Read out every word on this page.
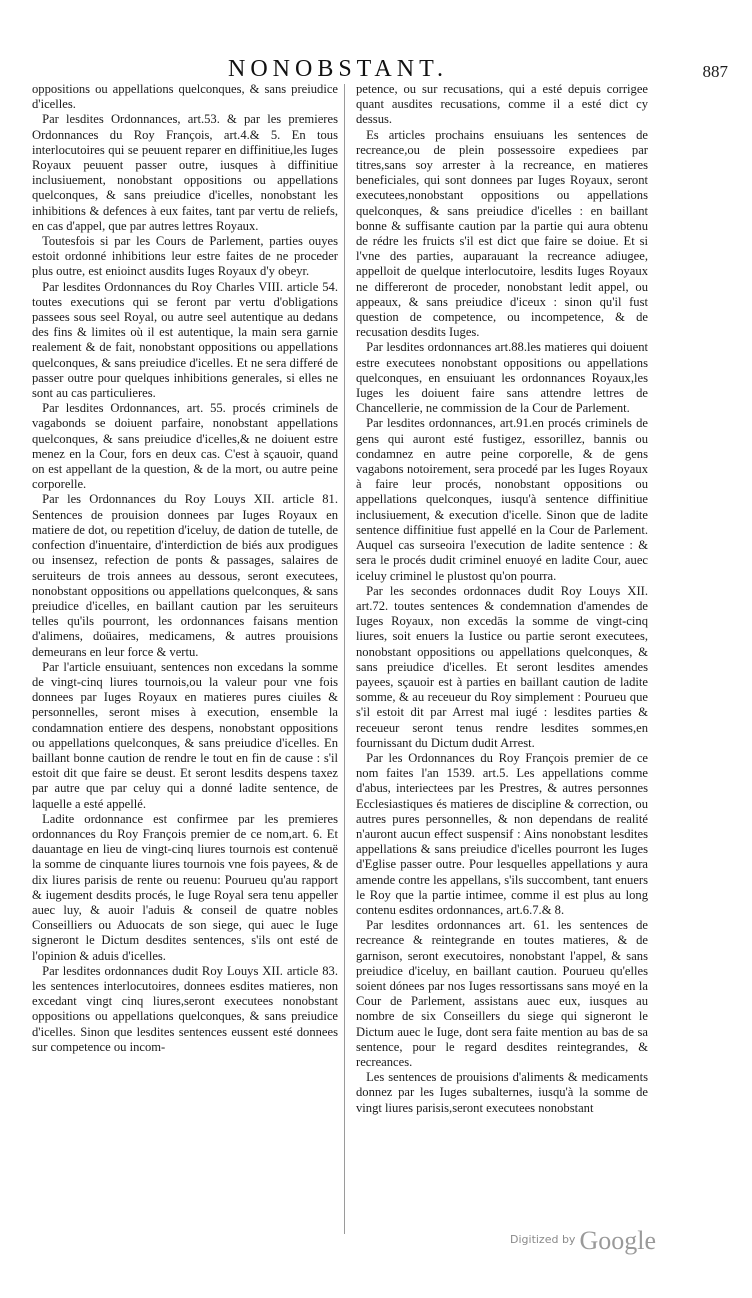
NONOBSTANT.	887

oppositions ou appellations quelconques, & sans preiudice d'icelles.

Par lesdites Ordonnances, art.53. & par les premieres Ordonnances du Roy François, art.4.& 5. En tous interlocutoires qui se peuuent reparer en diffinitiue,les Iuges Royaux peuuent passer outre, iusques à diffinitiue inclusiuement, nonobstant oppositions ou appellations quelconques, & sans preiudice d'icelles, nonobstant les inhibitions & defences à eux faites, tant par vertu de reliefs, en cas d'appel, que par autres lettres Royaux.

Toutesfois si par les Cours de Parlement, parties ouyes estoit ordonné inhibitions leur estre faites de ne proceder plus outre, est enioinct ausdits Iuges Royaux d'y obeyr.

Par lesdites Ordonnances du Roy Charles VIII. article 54. toutes executions qui se feront par vertu d'obligations passees sous seel Royal, ou autre seel autentique au dedans des fins & limites où il est autentique, la main sera garnie realement & de fait, nonobstant oppositions ou appellations quelconques, & sans preiudice d'icelles. Et ne sera differé de passer outre pour quelques inhibitions generales, si elles ne sont au cas particulieres.

Par lesdites Ordonnances, art. 55. procés criminels de vagabonds se doiuent parfaire, nonobstant appellations quelconques, & sans preiudice d'icelles,& ne doiuent estre menez en la Cour, fors en deux cas. C'est à sçauoir, quand on est appellant de la question, & de la mort, ou autre peine corporelle.

Par les Ordonnances du Roy Louys XII. article 81. Sentences de prouision donnees par Iuges Royaux en matiere de dot, ou repetition d'iceluy, de dation de tutelle, de confection d'inuentaire, d'interdiction de biés aux prodigues ou insensez, refection de ponts & passages, salaires de seruiteurs de trois annees au dessous, seront executees, nonobstant oppositions ou appellations quelconques, & sans preiudice d'icelles, en baillant caution par les seruiteurs telles qu'ils pourront, les ordonnances faisans mention d'alimens, doüaires, medicamens, & autres prouisions demeurans en leur force & vertu.

Par l'article ensuiuant, sentences non excedans la somme de vingt-cinq liures tournois,ou la valeur pour vne fois donnees par Iuges Royaux en matieres pures ciuiles & personnelles, seront mises à execution, ensemble la condamnation entiere des despens, nonobstant oppositions ou appellations quelconques, & sans preiudice d'icelles. En baillant bonne caution de rendre le tout en fin de cause : s'il estoit dit que faire se deust. Et seront lesdits despens taxez par autre que par celuy qui a donné ladite sentence, de laquelle a esté appellé.

Ladite ordonnance est confirmee par les premieres ordonnances du Roy François premier de ce nom,art. 6. Et dauantage en lieu de vingt-cinq liures tournois est contenuë la somme de cinquante liures tournois vne fois payees, & de dix liures parisis de rente ou reuenu: Pourueu qu'au rapport & iugement desdits procés, le Iuge Royal sera tenu appeller auec luy, & auoir l'aduis & conseil de quatre nobles Conseilliers ou Aduocats de son siege, qui auec le Iuge signeront le Dictum desdites sentences, s'ils ont esté de l'opinion & aduis d'icelles.

Par lesdites ordonnances dudit Roy Louys XII. article 83. les sentences interlocutoires, donnees esdites matieres, non excedant vingt cinq liures,seront executees nonobstant oppositions ou appellations quelconques, & sans preiudice d'icelles. Sinon que lesdites sentences eussent esté donnees sur competence ou incom-

petence, ou sur recusations, qui a esté depuis corrigee quant ausdites recusations, comme il a esté dict cy dessus.

Es articles prochains ensuiuans les sentences de recreance,ou de plein possessoire expediees par titres,sans soy arrester à la recreance, en matieres beneficiales, qui sont donnees par Iuges Royaux, seront executees,nonobstant oppositions ou appellations quelconques, & sans preiudice d'icelles : en baillant bonne & suffisante caution par la partie qui aura obtenu de rédre les fruicts s'il est dict que faire se doiue. Et si l'vne des parties, auparauant la recreance adiugee, appelloit de quelque interlocutoire, lesdits Iuges Royaux ne differeront de proceder, nonobstant ledit appel, ou appeaux, & sans preiudice d'iceux : sinon qu'il fust question de competence, ou incompetence, & de recusation desdits Iuges.

Par lesdites ordonnances art.88.les matieres qui doiuent estre executees nonobstant oppositions ou appellations quelconques, en ensuiuant les ordonnances Royaux,les Iuges les doiuent faire sans attendre lettres de Chancellerie, ne commission de la Cour de Parlement.

Par lesdites ordonnances, art.91.en procés criminels de gens qui auront esté fustigez, essorillez, bannis ou condamnez en autre peine corporelle, & de gens vagabons notoirement, sera procedé par les Iuges Royaux à faire leur procés, nonobstant oppositions ou appellations quelconques, iusqu'à sentence diffinitiue inclusiuement, & execution d'icelle. Sinon que de ladite sentence diffinitiue fust appellé en la Cour de Parlement. Auquel cas surseoira l'execution de ladite sentence : & sera le procés dudit criminel enuoyé en ladite Cour, auec iceluy criminel le plustost qu'on pourra.

Par les secondes ordonnaces dudit Roy Louys XII. art.72. toutes sentences & condemnation d'amendes de Iuges Royaux, non excedās la somme de vingt-cinq liures, soit enuers la Iustice ou partie seront executees, nonobstant oppositions ou appellations quelconques, & sans preiudice d'icelles. Et seront lesdites amendes payees, sçauoir est à parties en baillant caution de ladite somme, & au receueur du Roy simplement : Pourueu que s'il estoit dit par Arrest mal iugé : lesdites parties & receueur seront tenus rendre lesdites sommes,en fournissant du Dictum dudit Arrest.

Par les Ordonnances du Roy François premier de ce nom faites l'an 1539. art.5. Les appellations comme d'abus, interiectees par les Prestres, & autres personnes Ecclesiastiques és matieres de discipline & correction, ou autres pures personnelles, & non dependans de realité n'auront aucun effect suspensif : Ains nonobstant lesdites appellations & sans preiudice d'icelles pourront les Iuges d'Eglise passer outre. Pour lesquelles appellations y aura amende contre les appellans, s'ils succombent, tant enuers le Roy que la partie intimee, comme il est plus au long contenu esdites ordonnances, art.6.7.& 8.

Par lesdites ordonnances art. 61. les sentences de recreance & reintegrande en toutes matieres, & de garnison, seront executoires, nonobstant l'appel, & sans preiudice d'iceluy, en baillant caution. Pourueu qu'elles soient dónees par nos Iuges ressortissans sans moyé en la Cour de Parlement, assistans auec eux, iusques au nombre de six Conseillers du siege qui signeront le Dictum auec le Iuge, dont sera faite mention au bas de sa sentence, pour le regard desdites reintegrandes, & recreances.

Les sentences de prouisions d'aliments & medicaments donnez par les Iuges subalternes, iusqu'à la somme de vingt liures parisis,seront executees nonobstant

$^{Digitized by}$ Google
